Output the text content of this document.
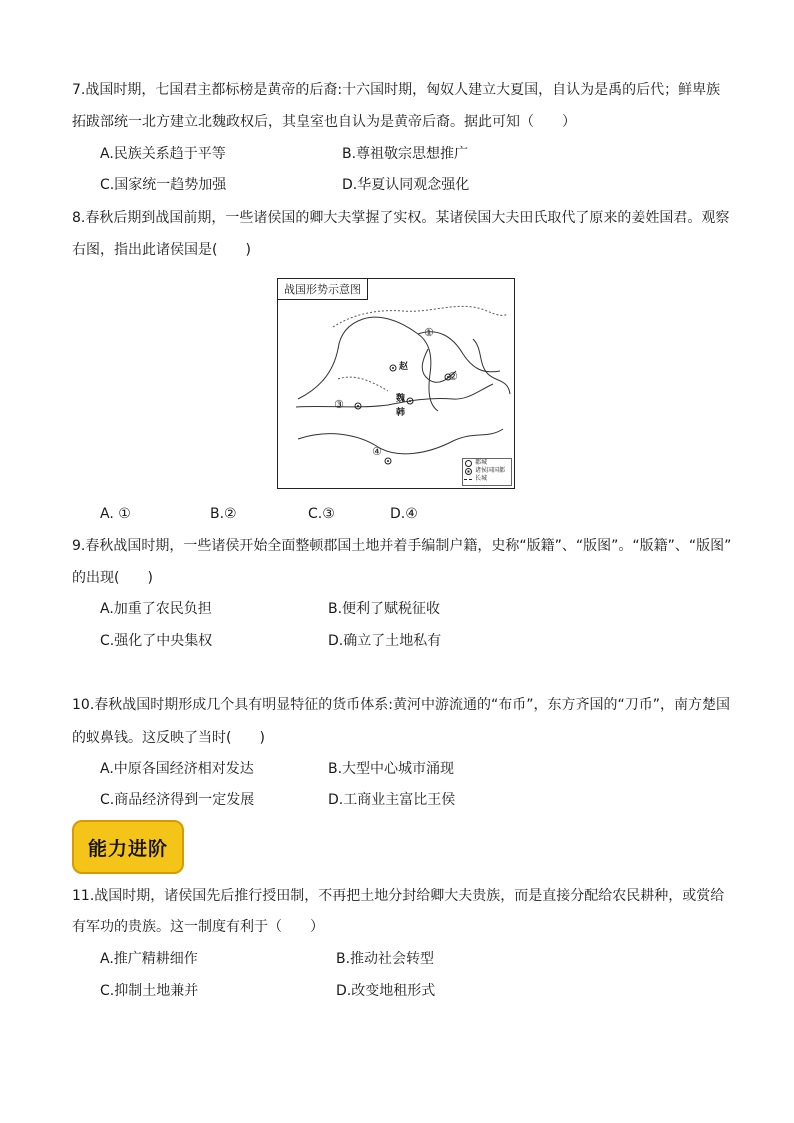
7.战国时期，七国君主都标榜是黄帝的后裔:十六国时期，匈奴人建立大夏国，自认为是禹的后代；鲜卑族
拓跋部统一北方建立北魏政权后，其皇室也自认为是黄帝后裔。据此可知（　　）
A.民族关系趋于平等	B.尊祖敬宗思想推广
C.国家统一趋势加强	D.华夏认同观念强化
8.春秋后期到战国前期，一些诸侯国的卿大夫掌握了实权。某诸侯国大夫田氏取代了原来的姜姓国君。观察
右图，指出此诸侯国是(　　)
战国形势示意图
①
②
③
④
赵
魏
韩
都城
诸侯国国都
长城
A. ①	B.②	C.③	D.④
9.春秋战国时期，一些诸侯开始全面整顿郡国土地并着手编制户籍，史称“版籍”、“版图”。“版籍”、“版图”
的出现(　　)
A.加重了农民负担	B.便利了赋税征收
C.强化了中央集权	D.确立了土地私有
10.春秋战国时期形成几个具有明显特征的货币体系:黄河中游流通的“布币”，东方齐国的“刀币”，南方楚国
的蚁鼻钱。这反映了当时(　　)
A.中原各国经济相对发达	B.大型中心城市涌现
C.商品经济得到一定发展	D.工商业主富比王侯
能力进阶
11.战国时期，诸侯国先后推行授田制，不再把土地分封给卿大夫贵族，而是直接分配给农民耕种，或赏给
有军功的贵族。这一制度有利于（　　）
A.推广精耕细作	B.推动社会转型
C.抑制土地兼并	D.改变地租形式
